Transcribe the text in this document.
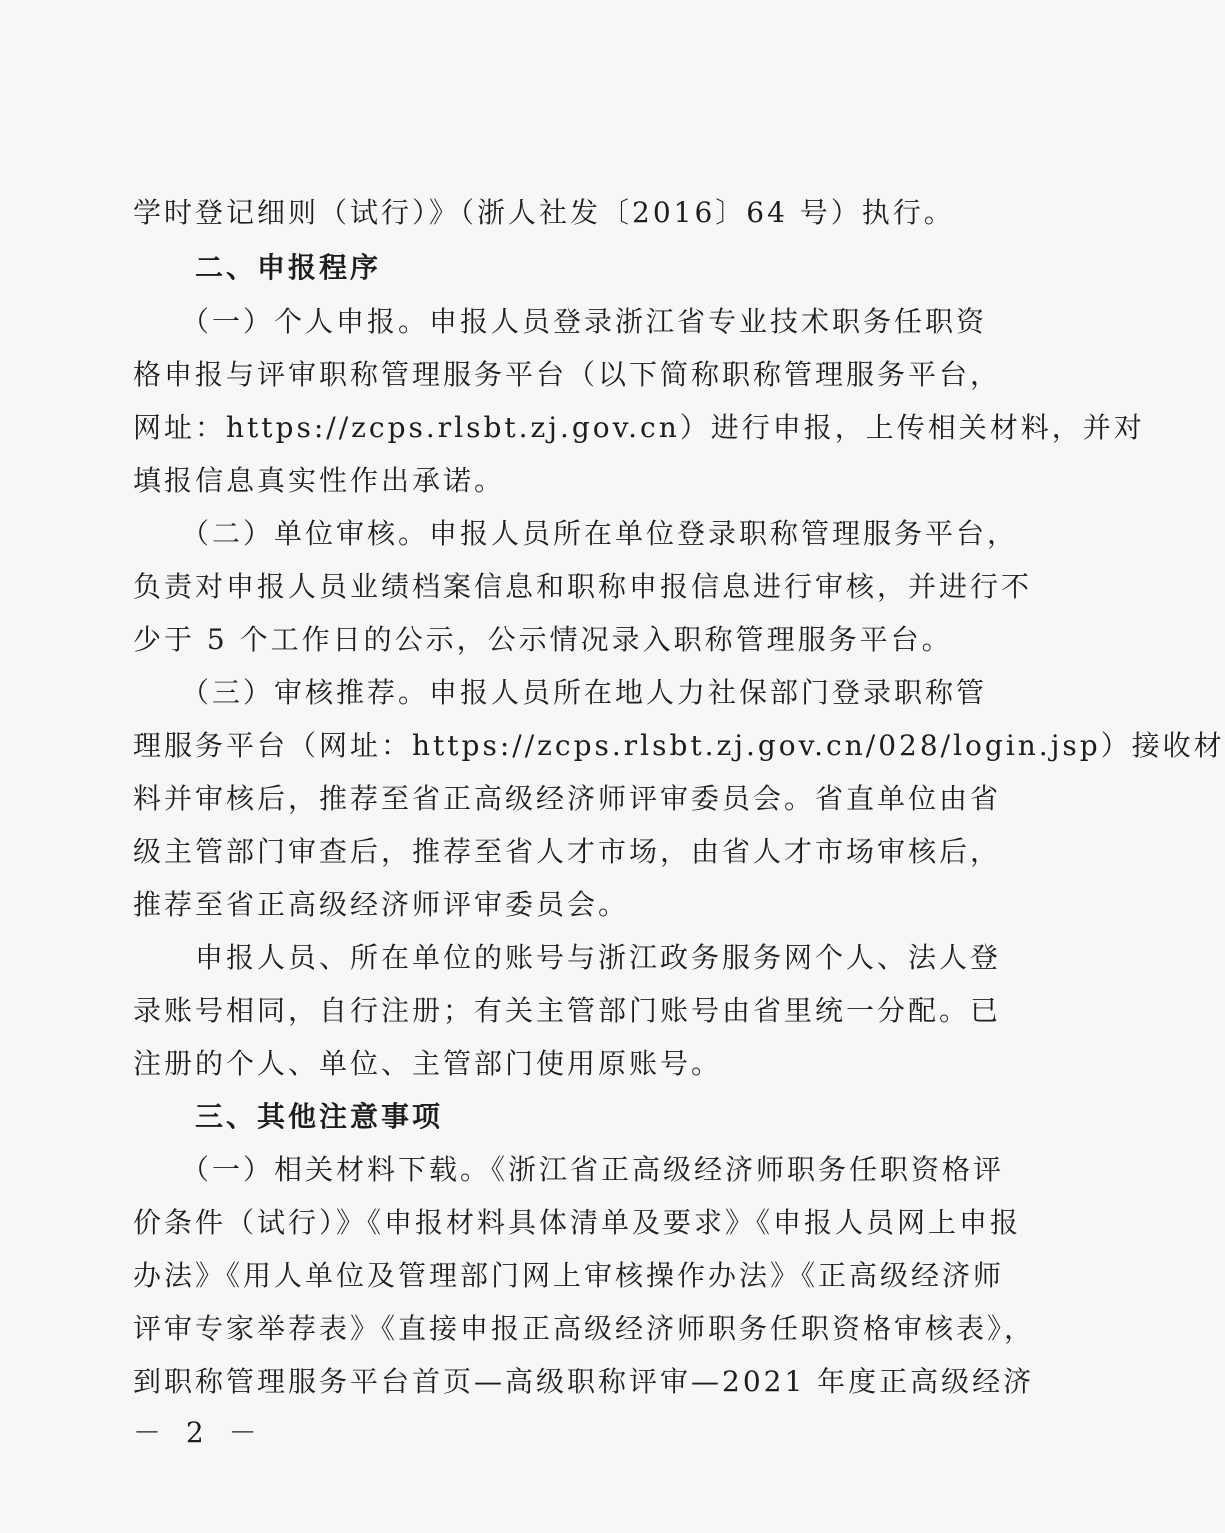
学时登记细则（试行）》（浙人社发〔2016〕64 号）执行。
　　二、申报程序
　　（一）个人申报。申报人员登录浙江省专业技术职务任职资
格申报与评审职称管理服务平台（以下简称职称管理服务平台，
网址：https://zcps.rlsbt.zj.gov.cn）进行申报，上传相关材料，并对
填报信息真实性作出承诺。
　　（二）单位审核。申报人员所在单位登录职称管理服务平台，
负责对申报人员业绩档案信息和职称申报信息进行审核，并进行不
少于 5 个工作日的公示，公示情况录入职称管理服务平台。
　　（三）审核推荐。申报人员所在地人力社保部门登录职称管
理服务平台（网址：https://zcps.rlsbt.zj.gov.cn/028/login.jsp）接收材
料并审核后，推荐至省正高级经济师评审委员会。省直单位由省
级主管部门审查后，推荐至省人才市场，由省人才市场审核后，
推荐至省正高级经济师评审委员会。
　　申报人员、所在单位的账号与浙江政务服务网个人、法人登
录账号相同，自行注册；有关主管部门账号由省里统一分配。已
注册的个人、单位、主管部门使用原账号。
　　三、其他注意事项
　　（一）相关材料下载。《浙江省正高级经济师职务任职资格评
价条件（试行）》《申报材料具体清单及要求》《申报人员网上申报
办法》《用人单位及管理部门网上审核操作办法》《正高级经济师
评审专家举荐表》《直接申报正高级经济师职务任职资格审核表》，
到职称管理服务平台首页—高级职称评审—2021 年度正高级经济
－ 2 －
